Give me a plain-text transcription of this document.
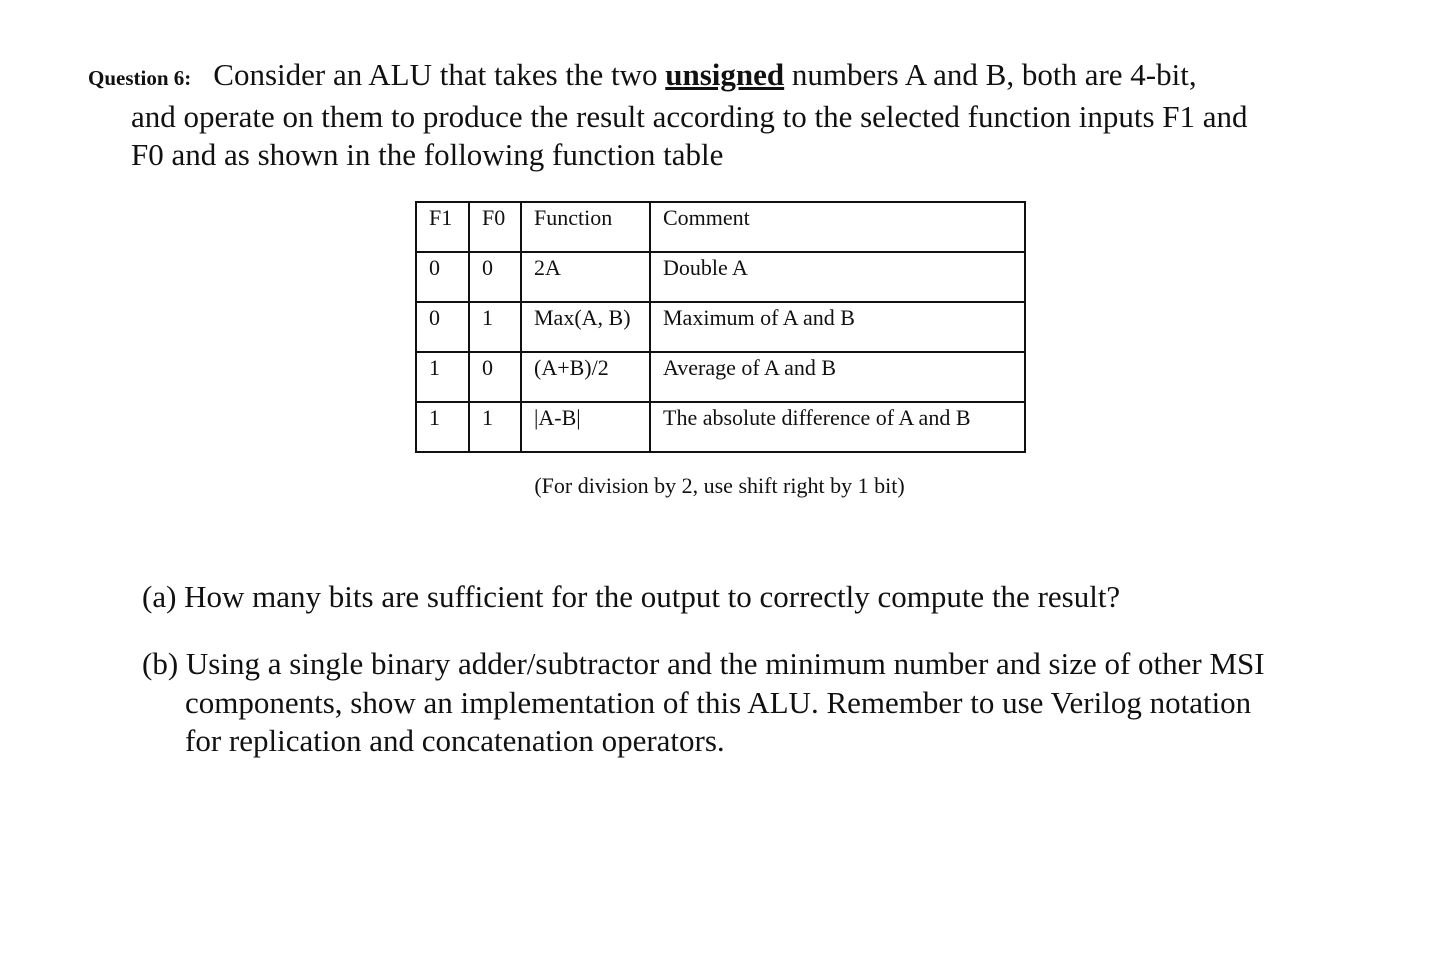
Question 6: Consider an ALU that takes the two unsigned numbers A and B, both are 4-bit,
and operate on them to produce the result according to the selected function inputs F1 and
F0 and as shown in the following function table
F1	F0	Function	Comment
0	0	2A	Double A
0	1	Max(A, B)	Maximum of A and B
1	0	(A+B)/2	Average of A and B
1	1	|A-B|	The absolute difference of A and B
(For division by 2, use shift right by 1 bit)
(a) How many bits are sufficient for the output to correctly compute the result?
(b) Using a single binary adder/subtractor and the minimum number and size of other MSI
components, show an implementation of this ALU. Remember to use Verilog notation
for replication and concatenation operators.
